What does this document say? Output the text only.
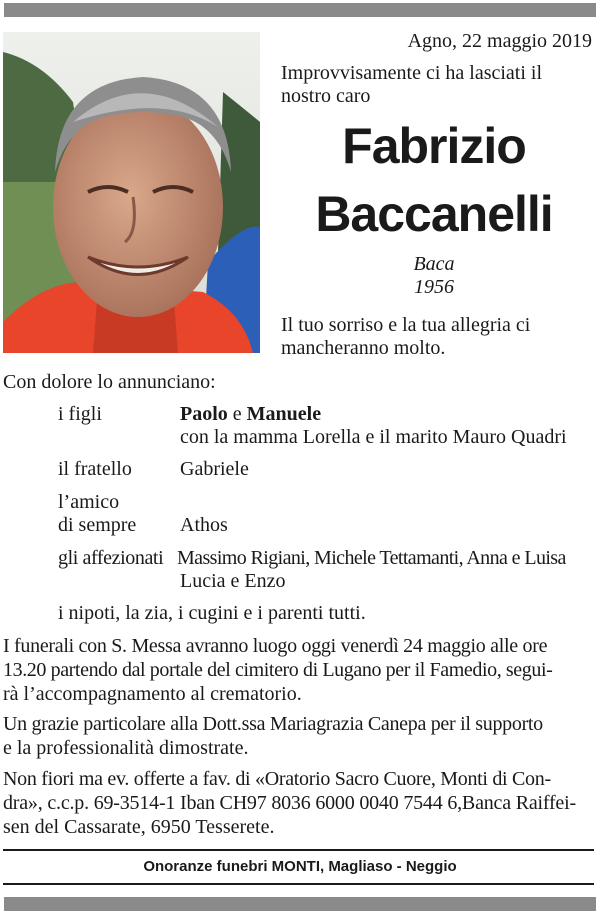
Agno, 22 maggio 2019
Improvvisamente ci ha lasciati il nostro caro
Fabrizio
Baccanelli
Baca
1956
Il tuo sorriso e la tua allegria ci mancheranno molto.
Con dolore lo annunciano:
i figli	Paolo e Manuele
con la mamma Lorella e il marito Mauro Quadri
il fratello Gabriele
l’amico
di sempre Athos
gli affezionati Massimo Rigiani, Michele Tettamanti, Anna e Luisa
Lucia e Enzo
i nipoti, la zia, i cugini e i parenti tutti.
I funerali con S. Messa avranno luogo oggi venerdì 24 maggio alle ore
13.20 partendo dal portale del cimitero di Lugano per il Famedio, segui-
rà l’accompagnamento al crematorio.
Un grazie particolare alla Dott.ssa Mariagrazia Canepa per il supporto
e la professionalità dimostrate.
Non fiori ma ev. offerte a fav. di «Oratorio Sacro Cuore, Monti di Con-
dra», c.c.p. 69-3514-1 Iban CH97 8036 6000 0040 7544 6,Banca Raiffei-
sen del Cassarate, 6950 Tesserete.
Onoranze funebri MONTI, Magliaso - Neggio
